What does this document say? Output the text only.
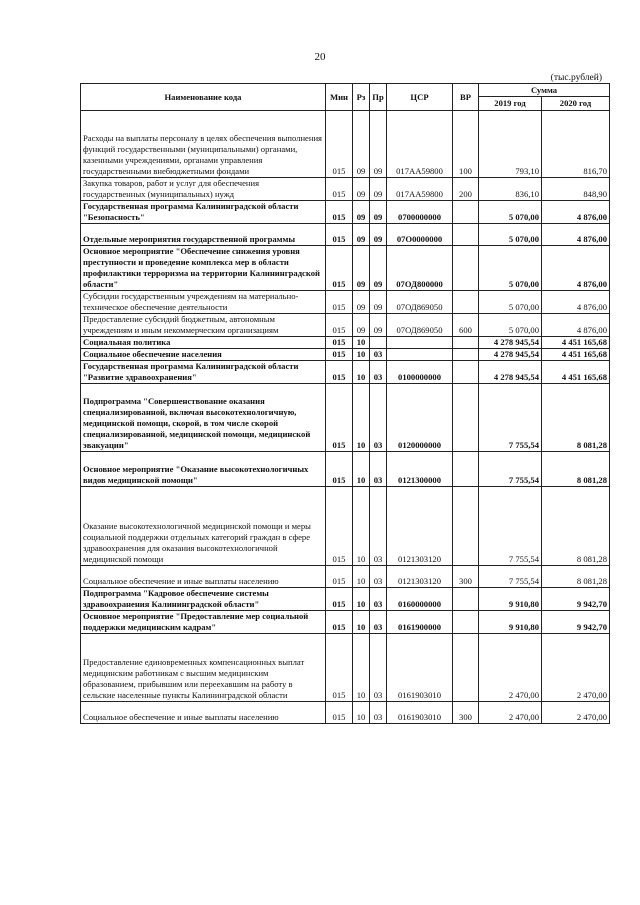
20
(тыс.рублей)
Наименование кода	Мин	Рз	Пр	ЦСР	ВР	Сумма	
						2019 год	2020 год
Расходы на выплаты персоналу в целях обеспечения выполнения функций государственными (муниципальными) органами, казенными учреждениями, органами управления государственными внебюджетными фондами	015	09	09	017АА59800	100	793,10	816,70
Закупка товаров, работ и услуг для обеспечения государственных (муниципальных) нужд	015	09	09	017АА59800	200	836,10	848,90
Государственная программа Калининградской области "Безопасность"	015	09	09	0700000000		5 070,00	4 876,00
Отдельные мероприятия государственной программы	015	09	09	07О0000000		5 070,00	4 876,00
Основное мероприятие "Обеспечение снижения уровня преступности и проведение комплекса мер в области профилактики терроризма на территории Калининградской области"	015	09	09	07ОД800000		5 070,00	4 876,00
Субсидии государственным учреждениям на материально-техническое обеспечение деятельности	015	09	09	07ОД869050		5 070,00	4 876,00
Предоставление субсидий бюджетным, автономным учреждениям и иным некоммерческим организациям	015	09	09	07ОД869050	600	5 070,00	4 876,00
Социальная политика	015	10				4 278 945,54	4 451 165,68
Социальное обеспечение населения	015	10	03			4 278 945,54	4 451 165,68
Государственная программа Калининградской области "Развитие здравоохранения"	015	10	03	0100000000		4 278 945,54	4 451 165,68
Подпрограмма "Совершенствование оказания специализированной, включая высокотехнологичную, медицинской помощи, скорой, в том числе скорой специализированной, медицинской помощи, медицинской эвакуации"	015	10	03	0120000000		7 755,54	8 081,28
Основное мероприятие "Оказание высокотехнологичных видов медицинской помощи"	015	10	03	0121300000		7 755,54	8 081,28
Оказание высокотехнологичной медицинской помощи и меры социальной поддержки отдельных категорий граждан в сфере здравоохранения для оказания высокотехнологичной медицинской помощи	015	10	03	0121303120		7 755,54	8 081,28
Социальное обеспечение и иные выплаты населению	015	10	03	0121303120	300	7 755,54	8 081,28
Подпрограмма "Кадровое обеспечение системы здравоохранения Калининградской области"	015	10	03	0160000000		9 910,80	9 942,70
Основное мероприятие "Предоставление мер социальной поддержки медицинским кадрам"	015	10	03	0161900000		9 910,80	9 942,70
Предоставление единовременных компенсационных выплат медицинским работникам с высшим медицинским образованием, прибывшим или переехавшим на работу в сельские населенные пункты Калининградской области	015	10	03	0161903010		2 470,00	2 470,00
Социальное обеспечение и иные выплаты населению	015	10	03	0161903010	300	2 470,00	2 470,00
